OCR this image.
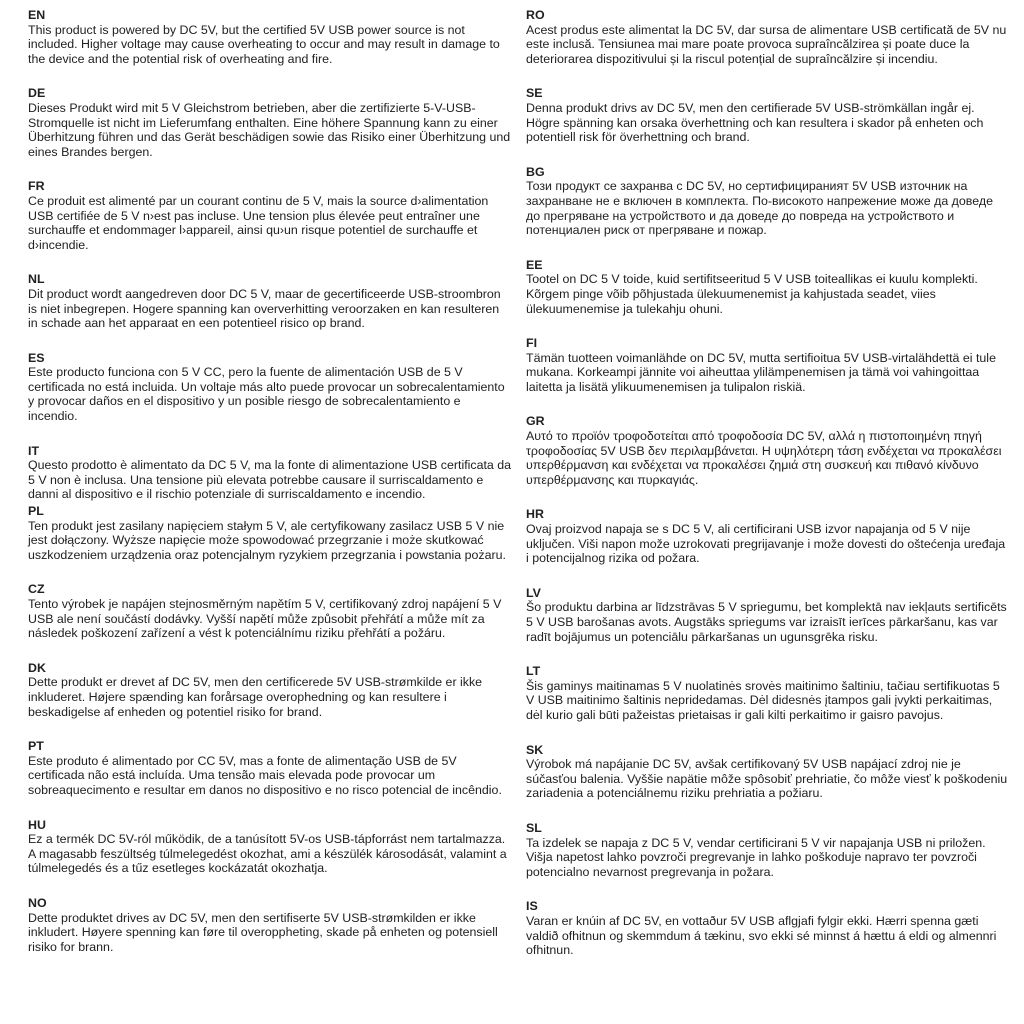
EN

This product is powered by DC 5V, but the certified 5V USB power source is not included. Higher voltage may cause overheating to occur and may result in damage to the device and the potential risk of overheating and fire.

DE

Dieses Produkt wird mit 5 V Gleichstrom betrieben, aber die zertifizierte 5-V-USB-Stromquelle ist nicht im Lieferumfang enthalten. Eine höhere Spannung kann zu einer Überhitzung führen und das Gerät beschädigen sowie das Risiko einer Überhitzung und eines Brandes bergen.

FR

Ce produit est alimenté par un courant continu de 5 V, mais la source d›alimentation USB certifiée de 5 V n›est pas incluse. Une tension plus élevée peut entraîner une surchauffe et endommager l›appareil, ainsi qu›un risque potentiel de surchauffe et d›incendie.

NL

Dit product wordt aangedreven door DC 5 V, maar de gecertificeerde USB-stroombron is niet inbegrepen. Hogere spanning kan oververhitting veroorzaken en kan resulteren in schade aan het apparaat en een potentieel risico op brand.

ES

Este producto funciona con 5 V CC, pero la fuente de alimentación USB de 5 V certificada no está incluida. Un voltaje más alto puede provocar un sobrecalentamiento y provocar daños en el dispositivo y un posible riesgo de sobrecalentamiento e incendio.

IT

Questo prodotto è alimentato da DC 5 V, ma la fonte di alimentazione USB certificata da 5 V non è inclusa. Una tensione più elevata potrebbe causare il surriscaldamento e danni al dispositivo e il rischio potenziale di surriscaldamento e incendio.

PL

Ten produkt jest zasilany napięciem stałym 5 V, ale certyfikowany zasilacz USB 5 V nie jest dołączony. Wyższe napięcie może spowodować przegrzanie i może skutkować uszkodzeniem urządzenia oraz potencjalnym ryzykiem przegrzania i powstania pożaru.

CZ

Tento výrobek je napájen stejnosměrným napětím 5 V, certifikovaný zdroj napájení 5 V USB ale není součástí dodávky. Vyšší napětí může způsobit přehřátí a může mít za následek poškození zařízení a vést k potenciálnímu riziku přehřátí a požáru.

DK

Dette produkt er drevet af DC 5V, men den certificerede 5V USB-strømkilde er ikke inkluderet. Højere spænding kan forårsage overophedning og kan resultere i beskadigelse af enheden og potentiel risiko for brand.

PT

Este produto é alimentado por CC 5V, mas a fonte de alimentação USB de 5V certificada não está incluída. Uma tensão mais elevada pode provocar um sobreaquecimento e resultar em danos no dispositivo e no risco potencial de incêndio.

HU

Ez a termék DC 5V-ról működik, de a tanúsított 5V-os USB-tápforrást nem tartalmazza. A magasabb feszültség túlmelegedést okozhat, ami a készülék károsodását, valamint a túlmelegedés és a tűz esetleges kockázatát okozhatja.

NO

Dette produktet drives av DC 5V, men den sertifiserte 5V USB-strømkilden er ikke inkludert. Høyere spenning kan føre til overoppheting, skade på enheten og potensiell risiko for brann.

RO

Acest produs este alimentat la DC 5V, dar sursa de alimentare USB certificată de 5V nu este inclusă. Tensiunea mai mare poate provoca supraîncălzirea și poate duce la deteriorarea dispozitivului și la riscul potențial de supraîncălzire și incendiu.

SE

Denna produkt drivs av DC 5V, men den certifierade 5V USB-strömkällan ingår ej. Högre spänning kan orsaka överhettning och kan resultera i skador på enheten och potentiell risk för överhettning och brand.

BG

Този продукт се захранва с DC 5V, но сертифицираният 5V USB източник на захранване не е включен в комплекта. По-високото напрежение може да доведе до прегряване на устройството и да доведе до повреда на устройството и потенциален риск от прегряване и пожар.

EE

Tootel on DC 5 V toide, kuid sertifitseeritud 5 V USB toiteallikas ei kuulu komplekti. Kõrgem pinge võib põhjustada ülekuumenemist ja kahjustada seadet, viies ülekuumenemise ja tulekahju ohuni.

FI

Tämän tuotteen voimanlähde on DC 5V, mutta sertifioitua 5V USB-virtalähdettä ei tule mukana. Korkeampi jännite voi aiheuttaa ylilämpenemisen ja tämä voi vahingoittaa laitetta ja lisätä ylikuumenemisen ja tulipalon riskiä.

GR

Αυτό το προϊόν τροφοδοτείται από τροφοδοσία DC 5V, αλλά η πιστοποιημένη πηγή τροφοδοσίας 5V USB δεν περιλαμβάνεται. Η υψηλότερη τάση ενδέχεται να προκαλέσει υπερθέρμανση και ενδέχεται να προκαλέσει ζημιά στη συσκευή και πιθανό κίνδυνο υπερθέρμανσης και πυρκαγιάς.

HR

Ovaj proizvod napaja se s DC 5 V, ali certificirani USB izvor napajanja od 5 V nije uključen. Viši napon može uzrokovati pregrijavanje i može dovesti do oštećenja uređaja i potencijalnog rizika od požara.

LV

Šo produktu darbina ar līdzstrāvas 5 V spriegumu, bet komplektā nav iekļauts sertificēts 5 V USB barošanas avots. Augstāks spriegums var izraisīt ierīces pārkaršanu, kas var radīt bojājumus un potenciālu pārkaršanas un ugunsgrēka risku.

LT

Šis gaminys maitinamas 5 V nuolatinės srovės maitinimo šaltiniu, tačiau sertifikuotas 5 V USB maitinimo šaltinis nepridedamas. Dėl didesnės įtampos gali įvykti perkaitimas, dėl kurio gali būti pažeistas prietaisas ir gali kilti perkaitimo ir gaisro pavojus.

SK

Výrobok má napájanie DC 5V, avšak certifikovaný 5V USB napájací zdroj nie je súčasťou balenia. Vyššie napätie môže spôsobiť prehriatie, čo môže viesť k poškodeniu zariadenia a potenciálnemu riziku prehriatia a požiaru.

SL

Ta izdelek se napaja z DC 5 V, vendar certificirani 5 V vir napajanja USB ni priložen. Višja napetost lahko povzroči pregrevanje in lahko poškoduje napravo ter povzroči potencialno nevarnost pregrevanja in požara.

IS

Varan er knúin af DC 5V, en vottaður 5V USB aflgjafi fylgir ekki. Hærri spenna gæti valdið ofhitnun og skemmdum á tækinu, svo ekki sé minnst á hættu á eldi og almennri ofhitnun.
